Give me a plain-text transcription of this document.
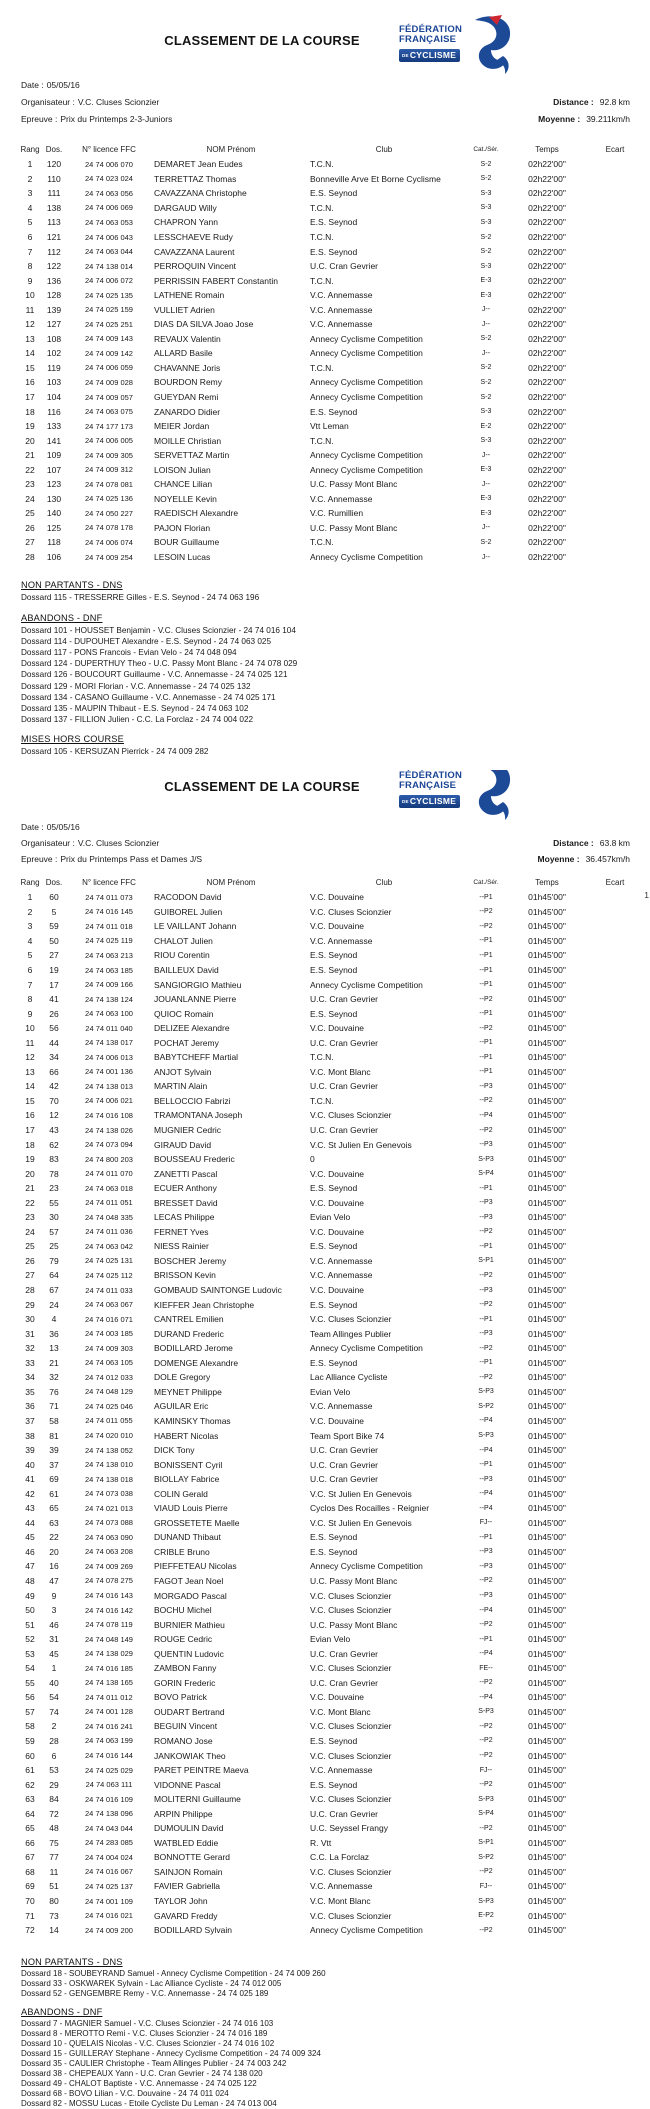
CLASSEMENT DE LA COURSE
FÉDÉRATION
FRANÇAISE
DECYCLISME
Date : 05/05/16
Organisateur : V.C. Cluses Scionzier	Distance : 92.8 km
Epreuve : Prix du Printemps 2-3-Juniors	Moyenne : 39.211km/h
Rang Dos.	N° licence FFC	NOM Prénom	Club	Cat./Sér.	Temps	Ecart
1	120	24 74 006 070	DEMARET Jean Eudes	T.C.N.	S-2	02h22'00"
2	110	24 74 023 024	TERRETTAZ Thomas	Bonneville Arve Et Borne Cyclisme	S-2	02h22'00"
3	111	24 74 063 056	CAVAZZANA Christophe	E.S. Seynod	S-3	02h22'00"
4	138	24 74 006 069	DARGAUD Willy	T.C.N.	S-3	02h22'00"
5	113	24 74 063 053	CHAPRON Yann	E.S. Seynod	S-3	02h22'00"
6	121	24 74 006 043	LESSCHAEVE Rudy	T.C.N.	S-2	02h22'00"
7	112	24 74 063 044	CAVAZZANA Laurent	E.S. Seynod	S-2	02h22'00"
8	122	24 74 138 014	PERROQUIN Vincent	U.C. Cran Gevrier	S-3	02h22'00"
9	136	24 74 006 072	PERRISSIN FABERT Constantin	T.C.N.	E-3	02h22'00"
10	128	24 74 025 135	LATHENE Romain	V.C. Annemasse	E-3	02h22'00"
11	139	24 74 025 159	VULLIET Adrien	V.C. Annemasse	J--	02h22'00"
12	127	24 74 025 251	DIAS DA SILVA Joao Jose	V.C. Annemasse	J--	02h22'00"
13	108	24 74 009 143	REVAUX Valentin	Annecy Cyclisme Competition	S-2	02h22'00"
14	102	24 74 009 142	ALLARD Basile	Annecy Cyclisme Competition	J--	02h22'00"
15	119	24 74 006 059	CHAVANNE Joris	T.C.N.	S-2	02h22'00"
16	103	24 74 009 028	BOURDON Remy	Annecy Cyclisme Competition	S-2	02h22'00"
17	104	24 74 009 057	GUEYDAN Remi	Annecy Cyclisme Competition	S-2	02h22'00"
18	116	24 74 063 075	ZANARDO Didier	E.S. Seynod	S-3	02h22'00"
19	133	24 74 177 173	MEIER Jordan	Vtt Leman	E-2	02h22'00"
20	141	24 74 006 005	MOILLE Christian	T.C.N.	S-3	02h22'00"
21	109	24 74 009 305	SERVETTAZ Martin	Annecy Cyclisme Competition	J--	02h22'00"
22	107	24 74 009 312	LOISON Julian	Annecy Cyclisme Competition	E-3	02h22'00"
23	123	24 74 078 081	CHANCE Lilian	U.C. Passy Mont Blanc	J--	02h22'00"
24	130	24 74 025 136	NOYELLE Kevin	V.C. Annemasse	E-3	02h22'00"
25	140	24 74 050 227	RAEDISCH Alexandre	V.C. Rumillien	E-3	02h22'00"
26	125	24 74 078 178	PAJON Florian	U.C. Passy Mont Blanc	J--	02h22'00"
27	118	24 74 006 074	BOUR Guillaume	T.C.N.	S-2	02h22'00"
28	106	24 74 009 254	LESOIN Lucas	Annecy Cyclisme Competition	J--	02h22'00"
NON PARTANTS - DNS
Dossard 115 - TRESSERRE Gilles - E.S. Seynod - 24 74 063 196
ABANDONS - DNF
Dossard 101 - HOUSSET Benjamin - V.C. Cluses Scionzier - 24 74 016 104
Dossard 114 - DUPOUHET Alexandre - E.S. Seynod - 24 74 063 025
Dossard 117 - PONS Francois - Evian Velo - 24 74 048 094
Dossard 124 - DUPERTHUY Theo - U.C. Passy Mont Blanc - 24 74 078 029
Dossard 126 - BOUCOURT Guillaume - V.C. Annemasse - 24 74 025 121
Dossard 129 - MORI Florian - V.C. Annemasse - 24 74 025 132
Dossard 134 - CASANO Guillaume - V.C. Annemasse - 24 74 025 171
Dossard 135 - MAUPIN Thibaut - E.S. Seynod - 24 74 063 102
Dossard 137 - FILLION Julien - C.C. La Forclaz - 24 74 004 022
MISES HORS COURSE
Dossard 105 - KERSUZAN Pierrick - 24 74 009 282
CLASSEMENT DE LA COURSE
1
FÉDÉRATION
FRANÇAISE
DECYCLISME
Date : 05/05/16
Organisateur : V.C. Cluses Scionzier	Distance : 63.8 km
Epreuve : Prix du Printemps Pass et Dames J/S	Moyenne : 36.457km/h
Rang Dos.	N° licence FFC	NOM Prénom	Club	Cat./Sér.	Temps	Ecart
1	60	24 74 011 073	RACODON David	V.C. Douvaine	--P1	01h45'00"
2	5	24 74 016 145	GUIBOREL Julien	V.C. Cluses Scionzier	--P2	01h45'00"
3	59	24 74 011 018	LE VAILLANT Johann	V.C. Douvaine	--P2	01h45'00"
4	50	24 74 025 119	CHALOT Julien	V.C. Annemasse	--P1	01h45'00"
5	27	24 74 063 213	RIOU Corentin	E.S. Seynod	--P1	01h45'00"
6	19	24 74 063 185	BAILLEUX David	E.S. Seynod	--P1	01h45'00"
7	17	24 74 009 166	SANGIORGIO Mathieu	Annecy Cyclisme Competition	--P1	01h45'00"
8	41	24 74 138 124	JOUANLANNE Pierre	U.C. Cran Gevrier	--P2	01h45'00"
9	26	24 74 063 100	QUIOC Romain	E.S. Seynod	--P1	01h45'00"
10	56	24 74 011 040	DELIZEE Alexandre	V.C. Douvaine	--P2	01h45'00"
11	44	24 74 138 017	POCHAT Jeremy	U.C. Cran Gevrier	--P1	01h45'00"
12	34	24 74 006 013	BABYTCHEFF Martial	T.C.N.	--P1	01h45'00"
13	66	24 74 001 136	ANJOT Sylvain	V.C. Mont Blanc	--P1	01h45'00"
14	42	24 74 138 013	MARTIN Alain	U.C. Cran Gevrier	--P3	01h45'00"
15	70	24 74 006 021	BELLOCCIO Fabrizi	T.C.N.	--P2	01h45'00"
16	12	24 74 016 108	TRAMONTANA Joseph	V.C. Cluses Scionzier	--P4	01h45'00"
17	43	24 74 138 026	MUGNIER Cedric	U.C. Cran Gevrier	--P2	01h45'00"
18	62	24 74 073 094	GIRAUD David	V.C. St Julien En Genevois	--P3	01h45'00"
19	83	24 74 800 203	BOUSSEAU Frederic	0	S-P3	01h45'00"
20	78	24 74 011 070	ZANETTI Pascal	V.C. Douvaine	S-P4	01h45'00"
21	23	24 74 063 018	ECUER Anthony	E.S. Seynod	--P1	01h45'00"
22	55	24 74 011 051	BRESSET David	V.C. Douvaine	--P3	01h45'00"
23	30	24 74 048 335	LECAS Philippe	Evian Velo	--P3	01h45'00"
24	57	24 74 011 036	FERNET Yves	V.C. Douvaine	--P2	01h45'00"
25	25	24 74 063 042	NIESS Rainier	E.S. Seynod	--P1	01h45'00"
26	79	24 74 025 131	BOSCHER Jeremy	V.C. Annemasse	S-P1	01h45'00"
27	64	24 74 025 112	BRISSON Kevin	V.C. Annemasse	--P2	01h45'00"
28	67	24 74 011 033	GOMBAUD SAINTONGE Ludovic	V.C. Douvaine	--P3	01h45'00"
29	24	24 74 063 067	KIEFFER Jean Christophe	E.S. Seynod	--P2	01h45'00"
30	4	24 74 016 071	CANTREL Emilien	V.C. Cluses Scionzier	--P1	01h45'00"
31	36	24 74 003 185	DURAND Frederic	Team Allinges Publier	--P3	01h45'00"
32	13	24 74 009 303	BODILLARD Jerome	Annecy Cyclisme Competition	--P2	01h45'00"
33	21	24 74 063 105	DOMENGE Alexandre	E.S. Seynod	--P1	01h45'00"
34	32	24 74 012 033	DOLE Gregory	Lac Alliance Cycliste	--P2	01h45'00"
35	76	24 74 048 129	MEYNET Philippe	Evian Velo	S-P3	01h45'00"
36	71	24 74 025 046	AGUILAR Eric	V.C. Annemasse	S-P2	01h45'00"
37	58	24 74 011 055	KAMINSKY Thomas	V.C. Douvaine	--P4	01h45'00"
38	81	24 74 020 010	HABERT Nicolas	Team Sport Bike 74	S-P3	01h45'00"
39	39	24 74 138 052	DICK Tony	U.C. Cran Gevrier	--P4	01h45'00"
40	37	24 74 138 010	BONISSENT Cyril	U.C. Cran Gevrier	--P1	01h45'00"
41	69	24 74 138 018	BIOLLAY Fabrice	U.C. Cran Gevrier	--P3	01h45'00"
42	61	24 74 073 038	COLIN Gerald	V.C. St Julien En Genevois	--P4	01h45'00"
43	65	24 74 021 013	VIAUD Louis Pierre	Cyclos Des Rocailles - Reignier	--P4	01h45'00"
44	63	24 74 073 088	GROSSETETE Maelle	V.C. St Julien En Genevois	FJ--	01h45'00"
45	22	24 74 063 090	DUNAND Thibaut	E.S. Seynod	--P1	01h45'00"
46	20	24 74 063 208	CRIBLE Bruno	E.S. Seynod	--P3	01h45'00"
47	16	24 74 009 269	PIEFFETEAU Nicolas	Annecy Cyclisme Competition	--P3	01h45'00"
48	47	24 74 078 275	FAGOT Jean Noel	U.C. Passy Mont Blanc	--P2	01h45'00"
49	9	24 74 016 143	MORGADO Pascal	V.C. Cluses Scionzier	--P3	01h45'00"
50	3	24 74 016 142	BOCHU Michel	V.C. Cluses Scionzier	--P4	01h45'00"
51	46	24 74 078 119	BURNIER Mathieu	U.C. Passy Mont Blanc	--P2	01h45'00"
52	31	24 74 048 149	ROUGE Cedric	Evian Velo	--P1	01h45'00"
53	45	24 74 138 029	QUENTIN Ludovic	U.C. Cran Gevrier	--P4	01h45'00"
54	1	24 74 016 185	ZAMBON Fanny	V.C. Cluses Scionzier	FE--	01h45'00"
55	40	24 74 138 165	GORIN Frederic	U.C. Cran Gevrier	--P2	01h45'00"
56	54	24 74 011 012	BOVO Patrick	V.C. Douvaine	--P4	01h45'00"
57	74	24 74 001 128	OUDART Bertrand	V.C. Mont Blanc	S-P3	01h45'00"
58	2	24 74 016 241	BEGUIN Vincent	V.C. Cluses Scionzier	--P2	01h45'00"
59	28	24 74 063 199	ROMANO Jose	E.S. Seynod	--P2	01h45'00"
60	6	24 74 016 144	JANKOWIAK Theo	V.C. Cluses Scionzier	--P2	01h45'00"
61	53	24 74 025 029	PARET PEINTRE Maeva	V.C. Annemasse	FJ--	01h45'00"
62	29	24 74 063 111	VIDONNE Pascal	E.S. Seynod	--P2	01h45'00"
63	84	24 74 016 109	MOLITERNI Guillaume	V.C. Cluses Scionzier	S-P3	01h45'00"
64	72	24 74 138 096	ARPIN Philippe	U.C. Cran Gevrier	S-P4	01h45'00"
65	48	24 74 043 044	DUMOULIN David	U.C. Seyssel Frangy	--P2	01h45'00"
66	75	24 74 283 085	WATBLED Eddie	R. Vtt	S-P1	01h45'00"
67	77	24 74 004 024	BONNOTTE Gerard	C.C. La Forclaz	S-P2	01h45'00"
68	11	24 74 016 067	SAINJON Romain	V.C. Cluses Scionzier	--P2	01h45'00"
69	51	24 74 025 137	FAVIER Gabriella	V.C. Annemasse	FJ--	01h45'00"
70	80	24 74 001 109	TAYLOR John	V.C. Mont Blanc	S-P3	01h45'00"
71	73	24 74 016 021	GAVARD Freddy	V.C. Cluses Scionzier	E-P2	01h45'00"
72	14	24 74 009 200	BODILLARD Sylvain	Annecy Cyclisme Competition	--P2	01h45'00"
NON PARTANTS - DNS
Dossard 18 - SOUBEYRAND Samuel - Annecy Cyclisme Competition - 24 74 009 260
Dossard 33 - OSKWAREK Sylvain - Lac Alliance Cycliste - 24 74 012 005
Dossard 52 - GENGEMBRE Remy - V.C. Annemasse - 24 74 025 189
ABANDONS - DNF
Dossard 7 - MAGNIER Samuel - V.C. Cluses Scionzier - 24 74 016 103
Dossard 8 - MEROTTO Remi - V.C. Cluses Scionzier - 24 74 016 189
Dossard 10 - QUELAIS Nicolas - V.C. Cluses Scionzier - 24 74 016 102
Dossard 15 - GUILLERAY Stephane - Annecy Cyclisme Competition - 24 74 009 324
Dossard 35 - CAULIER Christophe - Team Allinges Publier - 24 74 003 242
Dossard 38 - CHEPEAUX Yann - U.C. Cran Gevrier - 24 74 138 020
Dossard 49 - CHALOT Baptiste - V.C. Annemasse - 24 74 025 122
Dossard 68 - BOVO Lilian - V.C. Douvaine - 24 74 011 024
Dossard 82 - MOSSU Lucas - Etoile Cycliste Du Leman - 24 74 013 004
